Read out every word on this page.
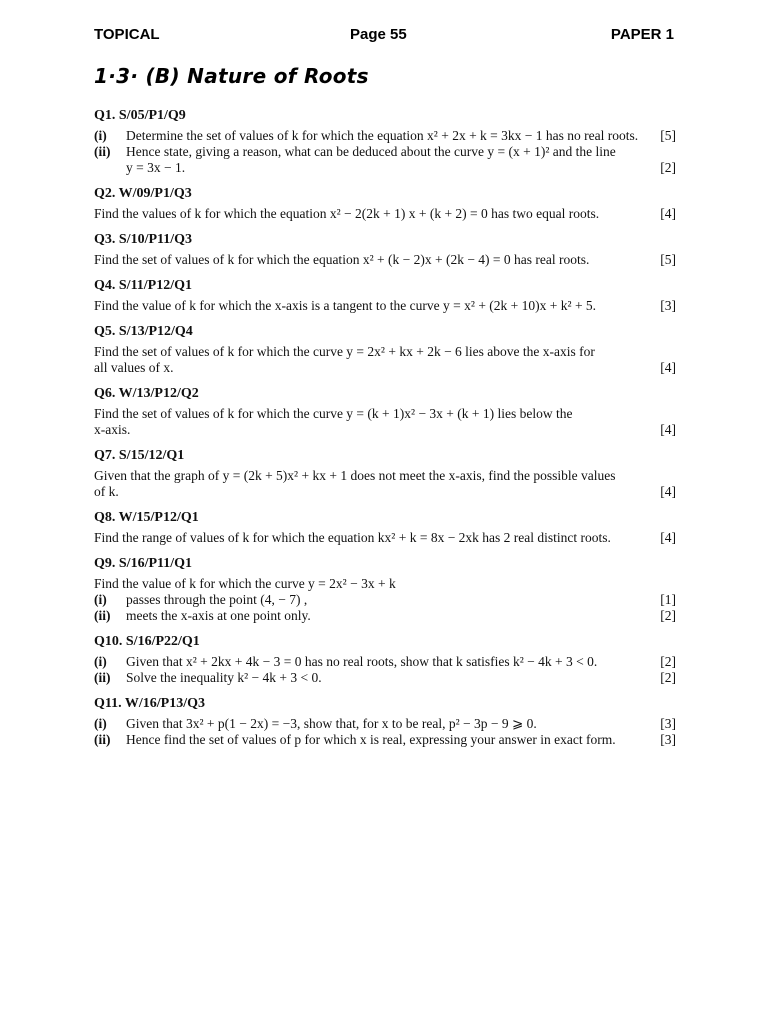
TOPICAL	Page 55	PAPER 1
1·3· (B) Nature of Roots
Q1. S/05/P1/Q9
(i)	Determine the set of values of k for which the equation x² + 2x + k = 3kx − 1 has no real roots. [5]
(ii)	Hence state, giving a reason, what can be deduced about the curve y = (x + 1)² and the line
y = 3x − 1.	[2]
Q2. W/09/P1/Q3
Find the values of k for which the equation x² − 2(2k + 1) x + (k + 2) = 0 has two equal roots.	[4]
Q3. S/10/P11/Q3
Find the set of values of k for which the equation x² + (k − 2)x + (2k − 4) = 0 has real roots.	[5]
Q4. S/11/P12/Q1
Find the value of k for which the x-axis is a tangent to the curve y = x² + (2k + 10)x + k² + 5.	[3]
Q5. S/13/P12/Q4
Find the set of values of k for which the curve y = 2x² + kx + 2k − 6 lies above the x-axis for
all values of x.	[4]
Q6. W/13/P12/Q2
Find the set of values of k for which the curve y = (k + 1)x² − 3x + (k + 1) lies below the
x-axis.	[4]
Q7. S/15/12/Q1
Given that the graph of y = (2k + 5)x² + kx + 1 does not meet the x-axis, find the possible values
of k.	[4]
Q8. W/15/P12/Q1
Find the range of values of k for which the equation kx² + k = 8x − 2xk has 2 real distinct roots.	[4]
Q9. S/16/P11/Q1
Find the value of k for which the curve y = 2x² − 3x + k
(i)	passes through the point (4, − 7) ,	[1]
(ii)	meets the x-axis at one point only.	[2]
Q10. S/16/P22/Q1
(i)	Given that x² + 2kx + 4k − 3 = 0 has no real roots, show that k satisfies k² − 4k + 3 < 0.	[2]
(ii)	Solve the inequality k² − 4k + 3 < 0.	[2]
Q11. W/16/P13/Q3
(i)	Given that 3x² + p(1 − 2x) = −3, show that, for x to be real, p² − 3p − 9 ⩾ 0.	[3]
(ii)	Hence find the set of values of p for which x is real, expressing your answer in exact form.	[3]
